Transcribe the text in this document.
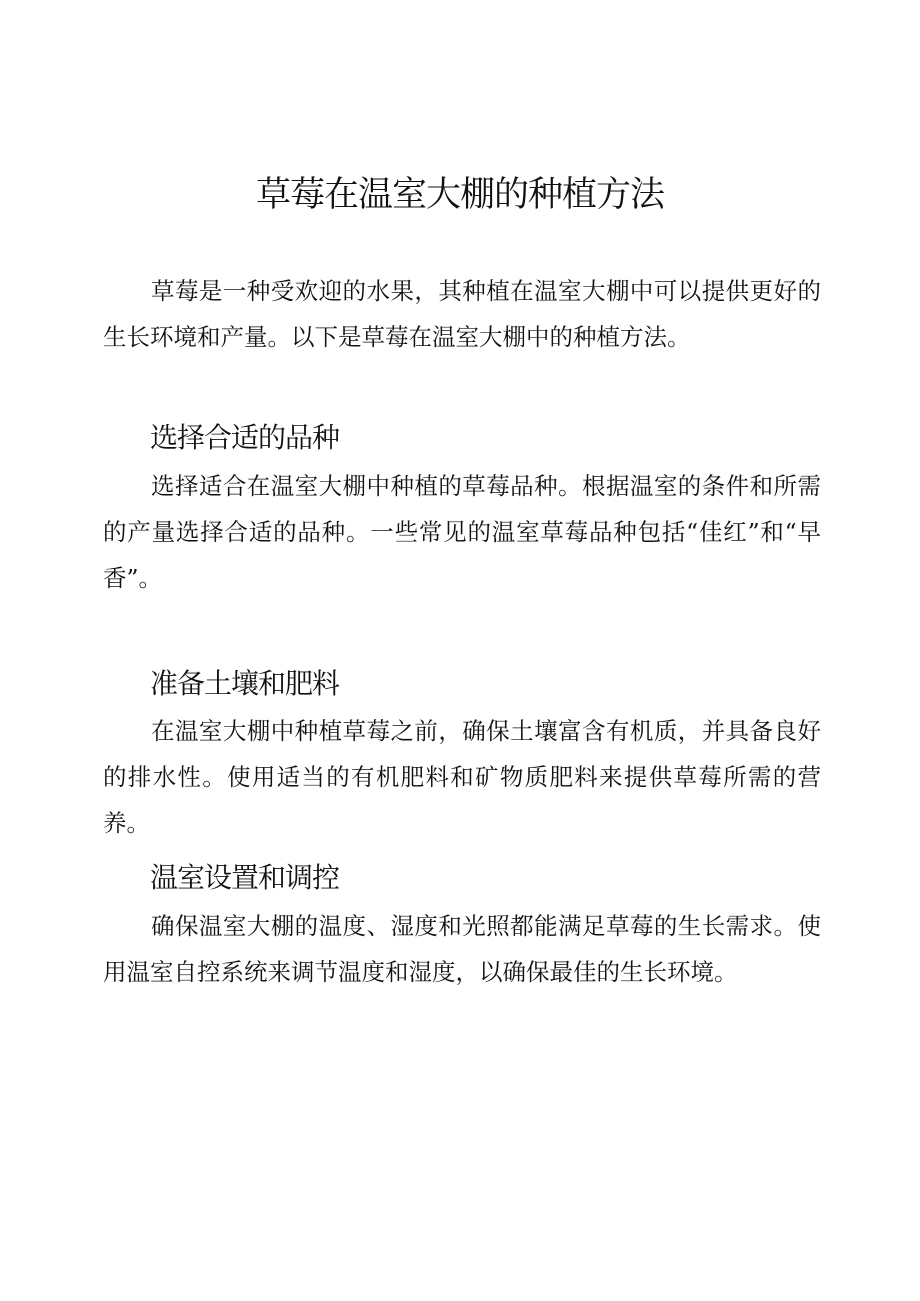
草莓在温室大棚的种植方法

草莓是一种受欢迎的水果，其种植在温室大棚中可以提供更好的生长环境和产量。以下是草莓在温室大棚中的种植方法。

选择合适的品种

选择适合在温室大棚中种植的草莓品种。根据温室的条件和所需的产量选择合适的品种。一些常见的温室草莓品种包括“佳红”和“早香”。

准备土壤和肥料

在温室大棚中种植草莓之前，确保土壤富含有机质，并具备良好的排水性。使用适当的有机肥料和矿物质肥料来提供草莓所需的营养。

温室设置和调控

确保温室大棚的温度、湿度和光照都能满足草莓的生长需求。使用温室自控系统来调节温度和湿度，以确保最佳的生长环境。
